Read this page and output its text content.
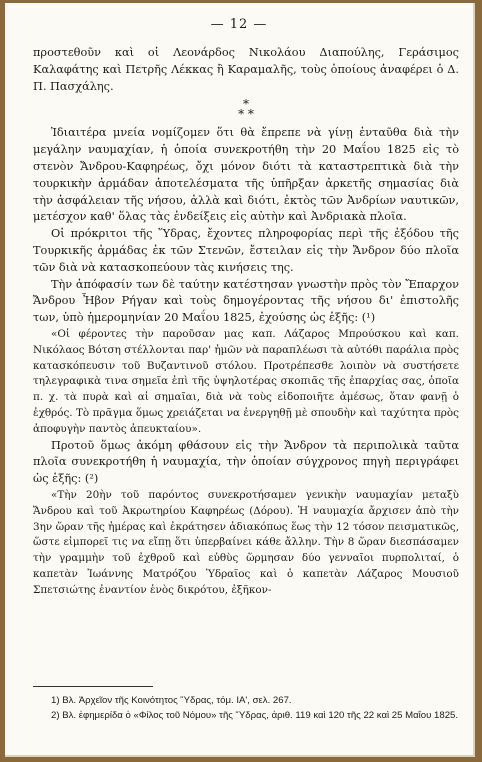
— 12 —

προστεθοῦν καὶ οἱ Λεονάρδος Νικολάου Διαπούλης, Γεράσιμος Καλαφάτης καὶ Πετρῆς Λέκκας ἢ Καραμαλῆς, τοὺς ὁποίους ἀναφέρει ὁ Δ. Π. Πασχάλης.

*
* *

Ἰδιαιτέρα μνεία νομίζομεν ὅτι θὰ ἔπρεπε νὰ γίνῃ ἐνταῦθα διὰ τὴν μεγάλην ναυμαχίαν, ἡ ὁποία συνεκροτήθη τὴν 20 Μαΐου 1825 εἰς τὸ στενὸν Ἄνδρου-Καφηρέως, ὄχι μόνον διότι τὰ καταστρεπτικὰ διὰ τὴν τουρκικὴν ἀρμάδαν ἀποτελέσματα τῆς ὑπῆρξαν ἀρκετῆς σημασίας διὰ τὴν ἀσφάλειαν τῆς νήσου, ἀλλὰ καὶ διότι, ἐκτὸς τῶν Ἀνδρίων ναυτικῶν, μετέσχον καθ' ὅλας τὰς ἐνδείξεις εἰς αὐτὴν καὶ Ἀνδριακὰ πλοῖα.

Οἱ πρόκριτοι τῆς Ὕδρας, ἔχοντες πληροφορίας περὶ τῆς ἐξόδου τῆς Τουρκικῆς ἀρμάδας ἐκ τῶν Στενῶν, ἔστειλαν εἰς τὴν Ἄνδρον δύο πλοῖα τῶν διὰ νὰ κατασκοπεύουν τὰς κινήσεις της.

Τὴν ἀπόφασίν των δὲ ταύτην κατέστησαν γνωστὴν πρὸς τὸν Ἔπαρχον Ἄνδρου Ἦβον Ρήγαν καὶ τοὺς δημογέροντας τῆς νήσου δι' ἐπιστολῆς των, ὑπὸ ἡμερομηνίαν 20 Μαΐου 1825, ἐχούσης ὡς ἑξῆς: (¹)

«Οἱ φέροντες τὴν παροῦσαν μας καπ. Λάζαρος Μπρούσκου καὶ καπ. Νικόλαος Βότση στέλλονται παρ' ἡμῶν νὰ παραπλέωσι τὰ αὐτόθι παράλια πρὸς κατασκόπευσιν τοῦ Βυζαντινοῦ στόλου. Προτρέπεσθε λοιπὸν νὰ συστήσετε τηλεγραφικὰ τινα σημεῖα ἐπὶ τῆς ὑψηλοτέρας σκοπιᾶς τῆς ἐπαρχίας σας, ὁποῖα π. χ. τὰ πυρὰ καὶ αἱ σημαῖαι, διὰ νὰ τοὺς εἰδοποιῆτε ἀμέσως, ὅταν φανῇ ὁ ἐχθρός. Τὸ πρᾶγμα ὅμως χρειάζεται να ἐνεργηθῇ μὲ σπουδὴν καὶ ταχύτητα πρὸς ἀποφυγὴν παντὸς ἀπευκταίου».

Προτοῦ ὅμως ἀκόμη φθάσουν εἰς τὴν Ἄνδρον τὰ περιπολικὰ ταῦτα πλοῖα συνεκροτήθη ἡ ναυμαχία, τὴν ὁποίαν σύγχρονος πηγὴ περιγράφει ὡς ἑξῆς: (²)

«Τὴν 20ὴν τοῦ παρόντος συνεκροτήσαμεν γενικὴν ναυμαχίαν μεταξὺ Ἄνδρου καὶ τοῦ Ἀκρωτηρίου Καφηρέως (Δόρου). Ἡ ναυμαχία ἄρχισεν ἀπὸ τὴν 3ην ὥραν τῆς ἡμέρας καὶ ἐκράτησεν ἀδιακόπως ἕως τὴν 12 τόσον πεισματικῶς, ὥστε εἰμπορεῖ τις να εἴπῃ ὅτι ὑπερβαίνει κάθε ἄλλην. Τὴν 8 ὥραν διεσπάσαμεν τὴν γραμμὴν τοῦ ἐχθροῦ καὶ εὐθὺς ὥρμησαν δύο γενναῖοι πυρπολιταί, ὁ καπετὰν Ἰωάννης Ματρόζου Ὑδραῖος καὶ ὁ καπετὰν Λάζαρος Μουσιοῦ Σπετσιώτης ἐναντίον ἑνὸς δικρότου, ἐξῆκον-

1) Βλ. Ἀρχεῖον τῆς Κοινότητος Ὕδρας, τόμ. ΙΑ', σελ. 267.

2) Βλ. ἐφημερίδα ὁ «Φίλος τοῦ Νόμου» τῆς Ὕδρας, ἀριθ. 119 καὶ 120 τῆς 22 καὶ 25 Μαΐου 1825.
